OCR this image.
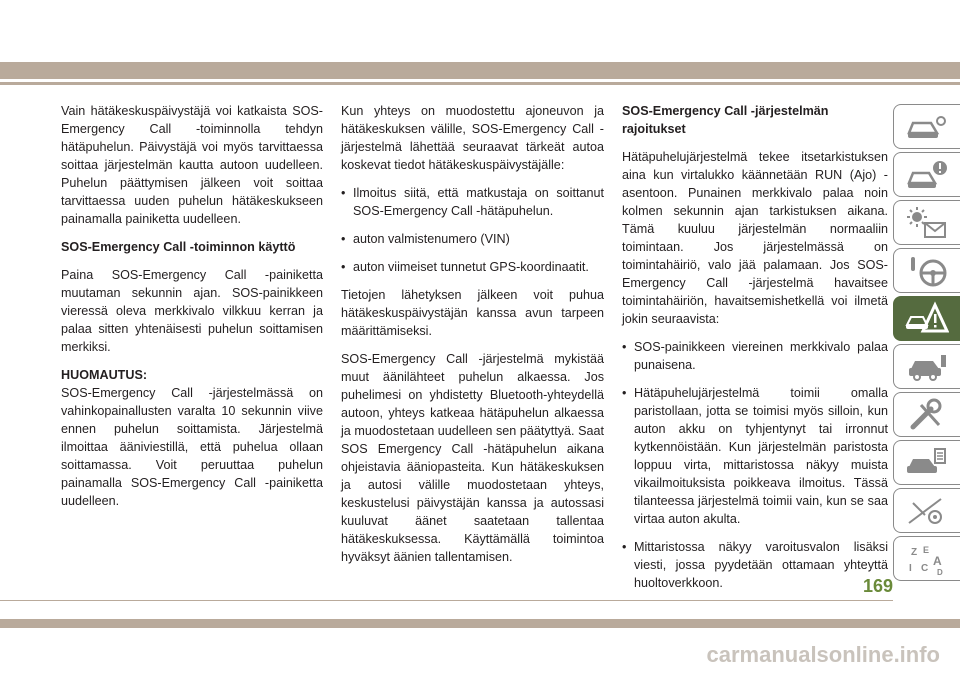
Vain hätäkeskuspäivystäjä voi katkaista SOS-Emergency Call -toiminnolla tehdyn hätäpuhelun. Päivystäjä voi myös tarvittaessa soittaa järjestelmän kautta autoon uudelleen. Puhelun päättymisen jälkeen voit soittaa tarvittaessa uuden puhelun hätäkeskukseen painamalla painiketta uudelleen.

SOS-Emergency Call -toiminnon käyttö

Paina SOS-Emergency Call -painiketta muutaman sekunnin ajan. SOS-painikkeen vieressä oleva merkkivalo vilkkuu kerran ja palaa sitten yhtenäisesti puhelun soittamisen merkiksi.

HUOMAUTUS:
SOS-Emergency Call -järjestelmässä on vahinkopainallusten varalta 10 sekunnin viive ennen puhelun soittamista. Järjestelmä ilmoittaa ääniviestillä, että puhelua ollaan soittamassa. Voit peruuttaa puhelun painamalla SOS-Emergency Call -painiketta uudelleen.

Kun yhteys on muodostettu ajoneuvon ja hätäkeskuksen välille, SOS-Emergency Call -järjestelmä lähettää seuraavat tärkeät autoa koskevat tiedot hätäkeskuspäivystäjälle:

• Ilmoitus siitä, että matkustaja on soittanut SOS-Emergency Call -hätäpuhelun.
• auton valmistenumero (VIN)
• auton viimeiset tunnetut GPS-koordinaatit.

Tietojen lähetyksen jälkeen voit puhua hätäkeskuspäivystäjän kanssa avun tarpeen määrittämiseksi.

SOS-Emergency Call -järjestelmä mykistää muut äänilähteet puhelun alkaessa. Jos puhelimesi on yhdistetty Bluetooth-yhteydellä autoon, yhteys katkeaa hätäpuhelun alkaessa ja muodostetaan uudelleen sen päätyttyä. Saat SOS Emergency Call -hätäpuhelun aikana ohjeistavia ääniopasteita. Kun hätäkeskuksen ja autosi välille muodostetaan yhteys, keskustelusi päivystäjän kanssa ja autossasi kuuluvat äänet saatetaan tallentaa hätäkeskuksessa. Käyttämällä toimintoa hyväksyt äänien tallentamisen.

SOS-Emergency Call -järjestelmän rajoitukset

Hätäpuhelujärjestelmä tekee itsetarkistuksen aina kun virtalukko käännetään RUN (Ajo) -asentoon. Punainen merkkivalo palaa noin kolmen sekunnin ajan tarkistuksen aikana. Tämä kuuluu järjestelmän normaaliin toimintaan. Jos järjestelmässä on toimintahäiriö, valo jää palamaan. Jos SOS-Emergency Call -järjestelmä havaitsee toimintahäiriön, havaitsemishetkellä voi ilmetä jokin seuraavista:

• SOS-painikkeen viereinen merkkivalo palaa punaisena.
• Hätäpuhelujärjestelmä toimii omalla paristollaan, jotta se toimisi myös silloin, kun auton akku on tyhjentynyt tai irronnut kytkennöistään. Kun järjestelmän paristosta loppuu virta, mittaristossa näkyy muista vikailmoituksista poikkeava ilmoitus. Tässä tilanteessa järjestelmä toimii vain, kun se saa virtaa auton akulta.
• Mittaristossa näkyy varoitusvalon lisäksi viesti, jossa pyydetään ottamaan yhteyttä huoltoverkkoon.
Z E
I C
A
D
169
carmanualsonline.info
